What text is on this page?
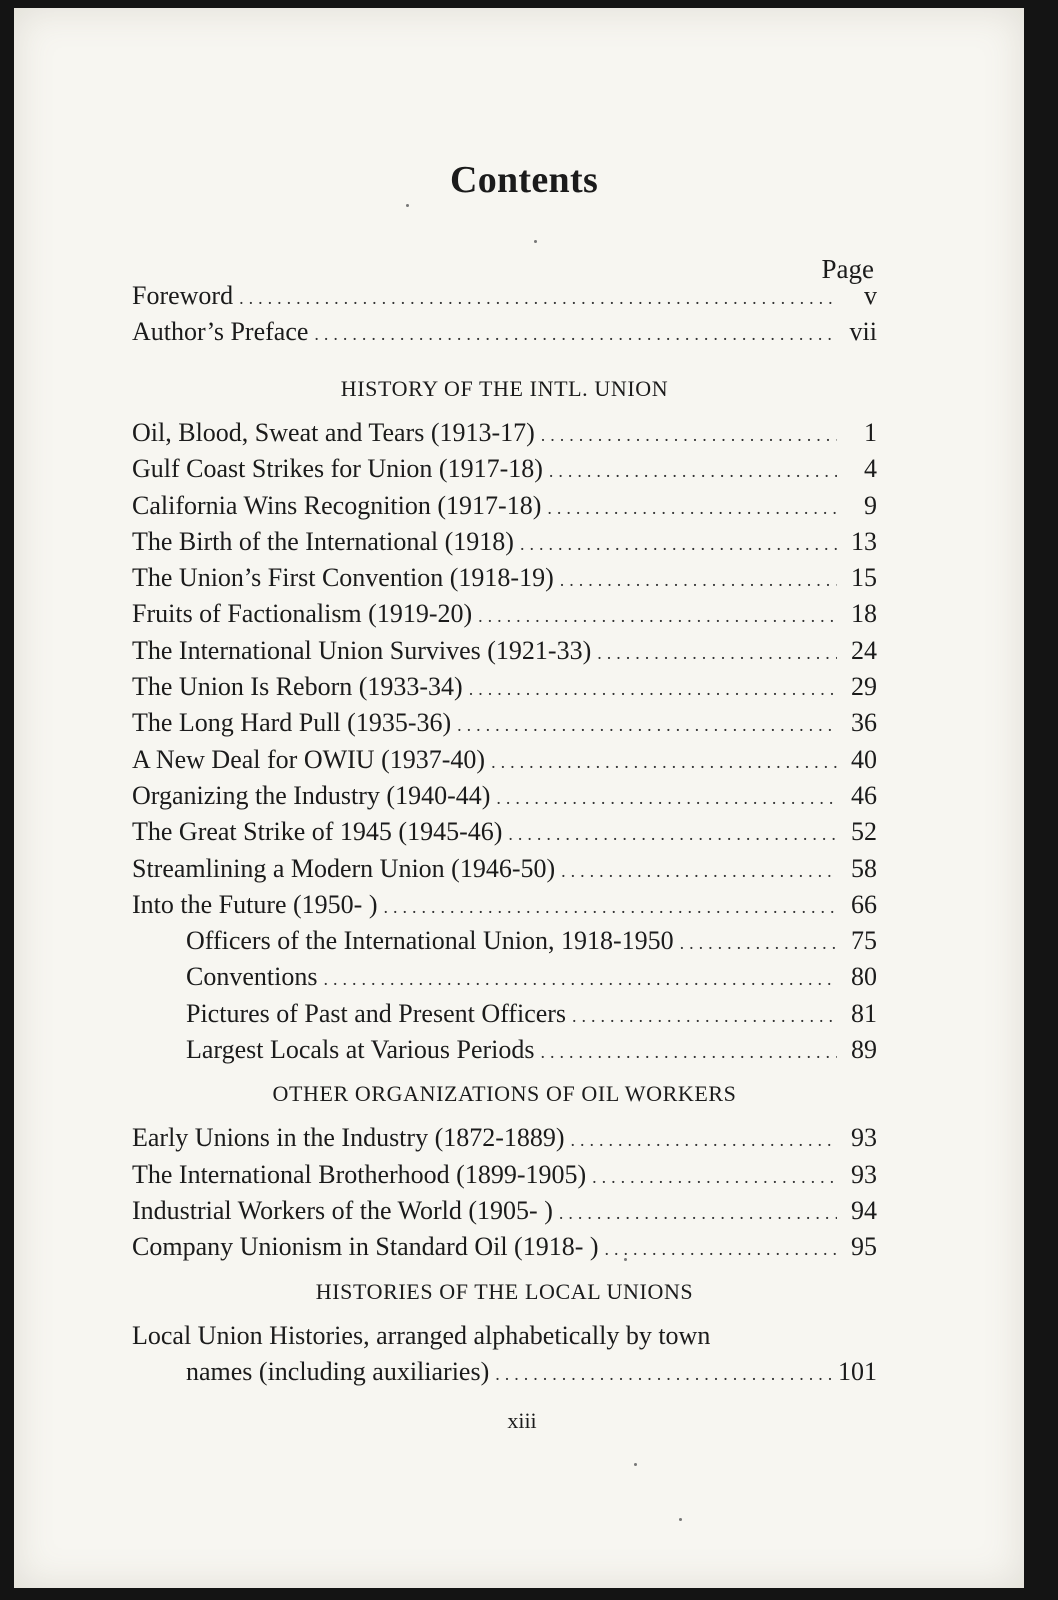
Contents
Page
Foreword .....	v
Author’s Preface .....	vii
HISTORY OF THE INTL. UNION
Oil, Blood, Sweat and Tears (1913-17) .....	1
Gulf Coast Strikes for Union (1917-18) .....	4
California Wins Recognition (1917-18) .....	9
The Birth of the International (1918) .....	13
The Union’s First Convention (1918-19) .....	15
Fruits of Factionalism (1919-20) .....	18
The International Union Survives (1921-33) .....	24
The Union Is Reborn (1933-34) .....	29
The Long Hard Pull (1935-36) .....	36
A New Deal for OWIU (1937-40) .....	40
Organizing the Industry (1940-44) .....	46
The Great Strike of 1945 (1945-46) .....	52
Streamlining a Modern Union (1946-50) .....	58
Into the Future (1950- ) .....	66
Officers of the International Union, 1918-1950 .....	75
Conventions .....	80
Pictures of Past and Present Officers .....	81
Largest Locals at Various Periods .....	89
OTHER ORGANIZATIONS OF OIL WORKERS
Early Unions in the Industry (1872-1889) .....	93
The International Brotherhood (1899-1905) .....	93
Industrial Workers of the World (1905- ) .....	94
Company Unionism in Standard Oil (1918- ) .....	95
HISTORIES OF THE LOCAL UNIONS
Local Union Histories, arranged alphabetically by town
names (including auxiliaries) .....	101
xiii
